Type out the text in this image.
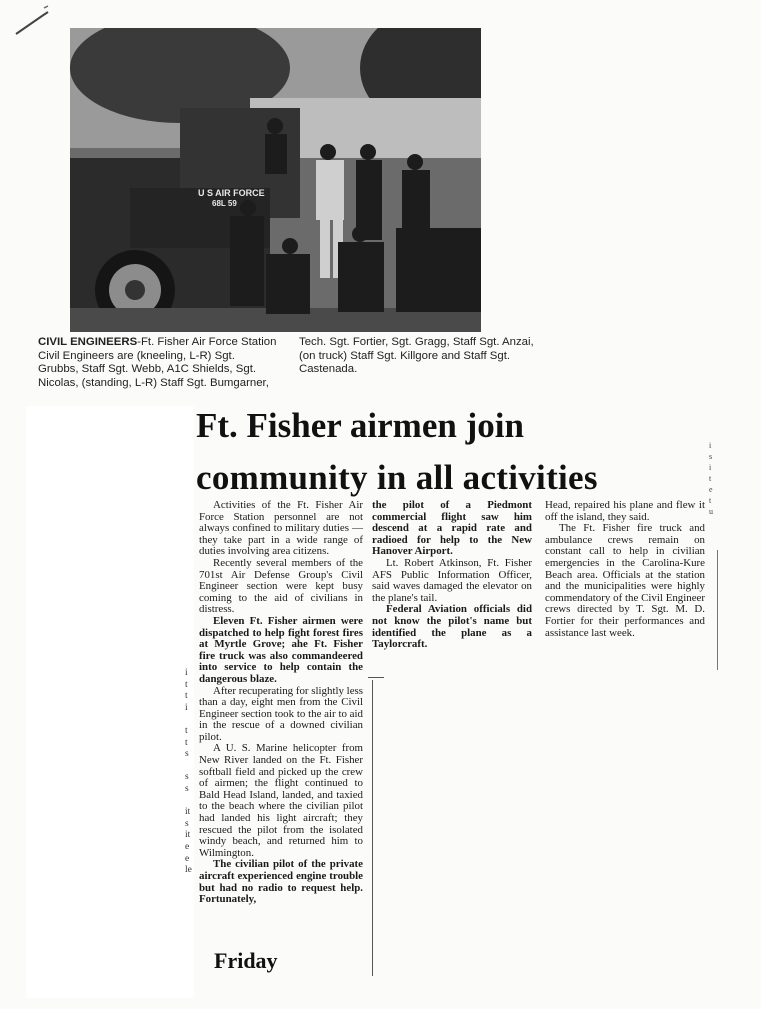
U S AIR FORCE
68L 59
CIVIL ENGINEERS-Ft. Fisher Air Force Station Civil Engineers are (kneeling, L-R) Sgt. Grubbs, Staff Sgt. Webb, A1C Shields, Sgt. Nicolas, (standing, L-R) Staff Sgt. Bumgarner, Tech. Sgt. Fortier, Sgt. Gragg, Staff Sgt. Anzai, (on truck) Staff Sgt. Killgore and Staff Sgt. Castenada.
Ft. Fisher airmen join
community in all activities

Activities of the Ft. Fisher Air Force Station personnel are not always confined to military duties — they take part in a wide range of duties involving area citizens.

Recently several members of the 701st Air Defense Group's Civil Engineer section were kept busy coming to the aid of civilians in distress.

Eleven Ft. Fisher airmen were dispatched to help fight forest fires at Myrtle Grove; ahe Ft. Fisher fire truck was also commandeered into service to help contain the dangerous blaze.

After recuperating for slightly less than a day, eight men from the Civil Engineer section took to the air to aid in the rescue of a downed civilian pilot.

A U. S. Marine helicopter from New River landed on the Ft. Fisher softball field and picked up the crew of airmen; the flight continued to Bald Head Island, landed, and taxied to the beach where the civilian pilot had landed his light aircraft; they rescued the pilot from the isolated windy beach, and returned him to Wilmington.

The civilian pilot of the private aircraft experienced engine trouble but had no radio to request help. Fortunately,

the pilot of a Piedmont commercial flight saw him descend at a rapid rate and radioed for help to the New Hanover Airport.

Lt. Robert Atkinson, Ft. Fisher AFS Public Information Officer, said waves damaged the elevator on the plane's tail.

Federal Aviation officials did not know the pilot's name but identified the plane as a Taylorcraft.

Head, repaired his plane and flew it off the island, they said.

The Ft. Fisher fire truck and ambulance crews remain on constant call to help in civilian emergencies in the Carolina-Kure Beach area. Officials at the station and the municipalities were highly commendatory of the Civil Engineer crews directed by T. Sgt. M. D. Fortier for their performances and assistance last week.

i
t
t
i

t
t
s

s
s

it
s
it
e
e
le
i
s
i
t
e
t
u
Friday
